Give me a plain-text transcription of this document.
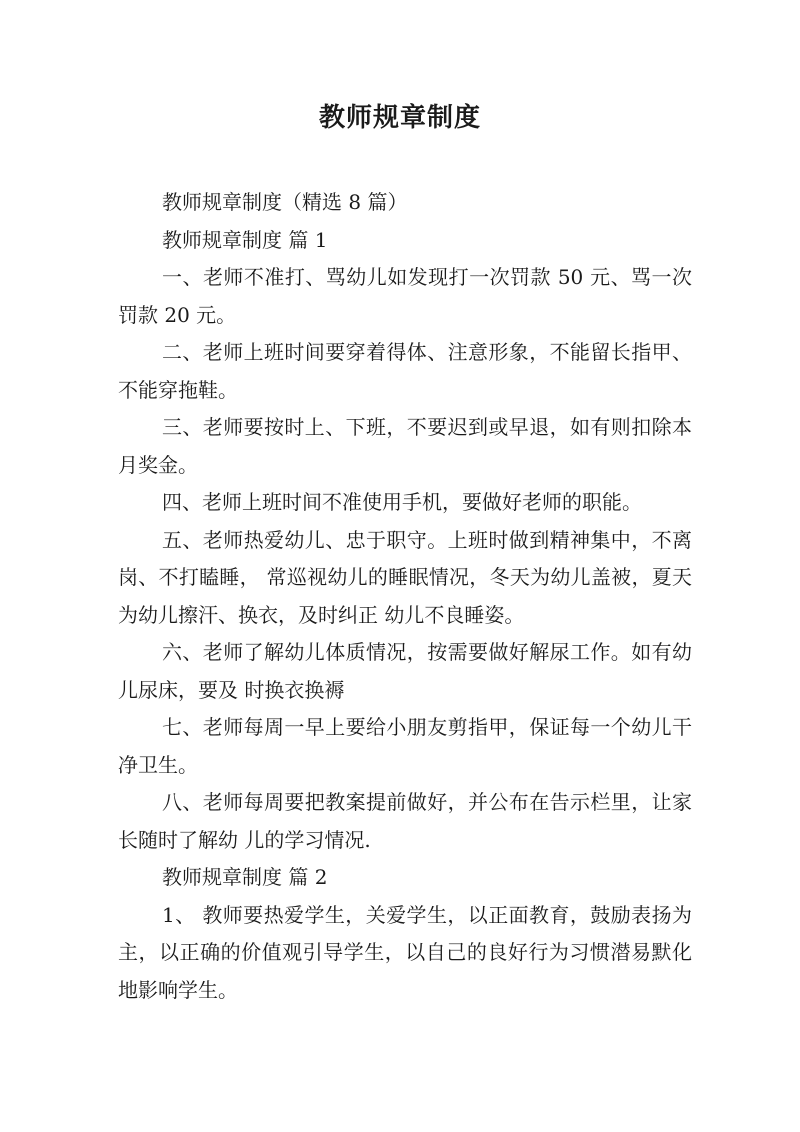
教师规章制度

教师规章制度（精选 8 篇）

教师规章制度 篇 1

一、老师不准打、骂幼儿如发现打一次罚款 50 元、骂一次罚款 20 元。

二、老师上班时间要穿着得体、注意形象，不能留长指甲、不能穿拖鞋。

三、老师要按时上、下班，不要迟到或早退，如有则扣除本月奖金。

四、老师上班时间不准使用手机，要做好老师的职能。

五、老师热爱幼儿、忠于职守。上班时做到精神集中，不离岗、不打瞌睡， 常巡视幼儿的睡眠情况，冬天为幼儿盖被，夏天为幼儿擦汗、换衣，及时纠正 幼儿不良睡姿。

六、老师了解幼儿体质情况，按需要做好解尿工作。如有幼儿尿床，要及 时换衣换褥

七、老师每周一早上要给小朋友剪指甲，保证每一个幼儿干净卫生。

八、老师每周要把教案提前做好，并公布在告示栏里，让家长随时了解幼 儿的学习情况.

教师规章制度 篇 2

1、 教师要热爱学生，关爱学生，以正面教育，鼓励表扬为主，以正确的价值观引导学生，以自己的良好行为习惯潜易默化地影响学生。
